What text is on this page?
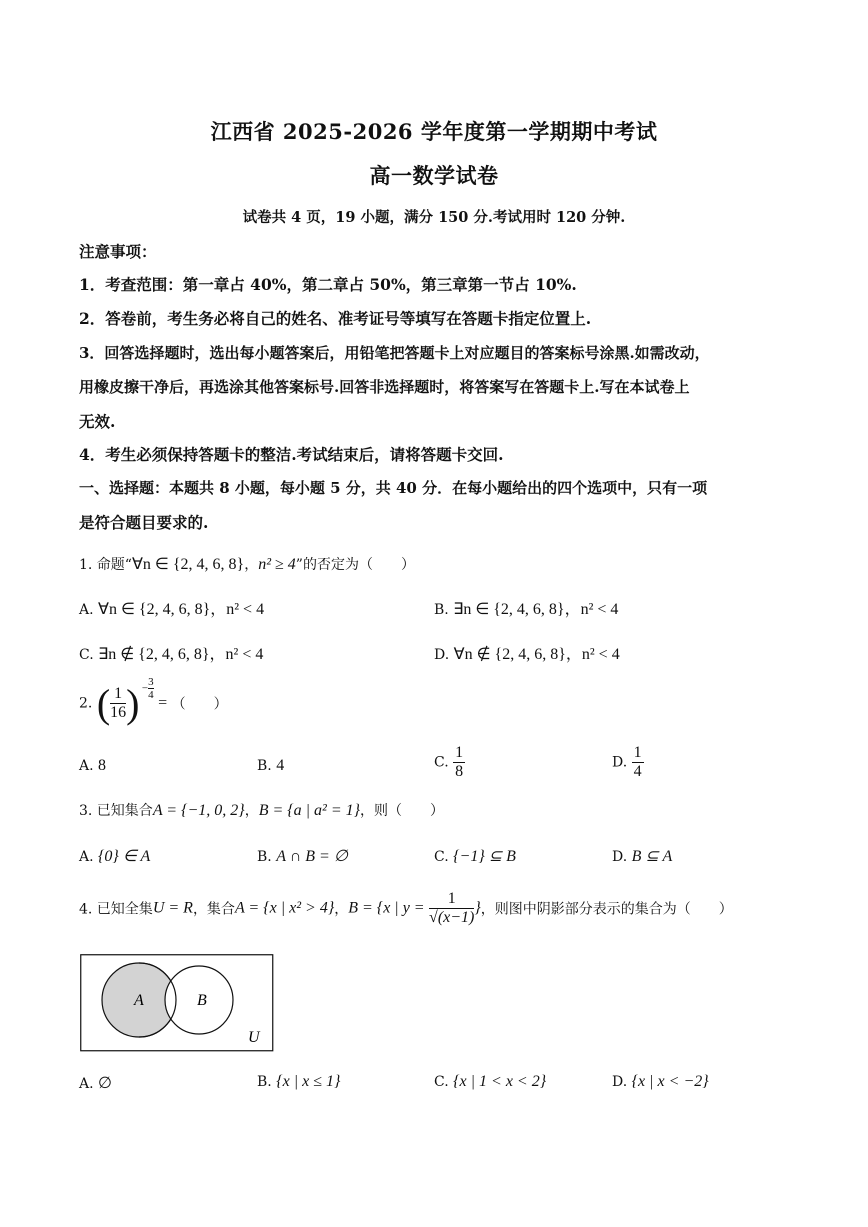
江西省 2025-2026 学年度第一学期期中考试
高一数学试卷
试卷共 4 页，19 小题，满分 150 分.考试用时 120 分钟.
注意事项：
1．考查范围：第一章占 40%，第二章占 50%，第三章第一节占 10%.
2．答卷前，考生务必将自己的姓名、准考证号等填写在答题卡指定位置上.
3．回答选择题时，选出每小题答案后，用铅笔把答题卡上对应题目的答案标号涂黑.如需改动，
用橡皮擦干净后，再选涂其他答案标号.回答非选择题时，将答案写在答题卡上.写在本试卷上
无效.
4．考生必须保持答题卡的整洁.考试结束后，请将答题卡交回.
一、选择题：本题共 8 小题，每小题 5 分，共 40 分．在每小题给出的四个选项中，只有一项
是符合题目要求的.
1. 命题“∀n ∈ {2, 4, 6, 8}，n² ≥ 4”的否定为（　　）
A. ∀n ∈ {2, 4, 6, 8}，n² < 4	B. ∃n ∈ {2, 4, 6, 8}，n² < 4
C. ∃n ∉ {2, 4, 6, 8}，n² < 4	D. ∀n ∉ {2, 4, 6, 8}，n² < 4
2. ( $\frac{1}{16}$ ) − $\frac{3}{4}$
= （　　）
A. 8	B. 4	C. $\frac{1}{8}$	D. $\frac{1}{4}$
3. 已知集合A = {−1, 0, 2}，B = {a | a² = 1}，则（　　）
A. {0} ∈ A	B. A ∩ B = ∅	C. {−1} ⊆ B	D. B ⊆ A
4. 已知全集U = R，集合A = {x | x² > 4}，B = {x | $y = \frac{1}{√(x-1)}$ }，则图中阴影部分表示的集合为（　　）
A	B
U
A. ∅	B. {x | x ≤ 1}	C. {x | 1 < x < 2}	D. {x | x < −2}
